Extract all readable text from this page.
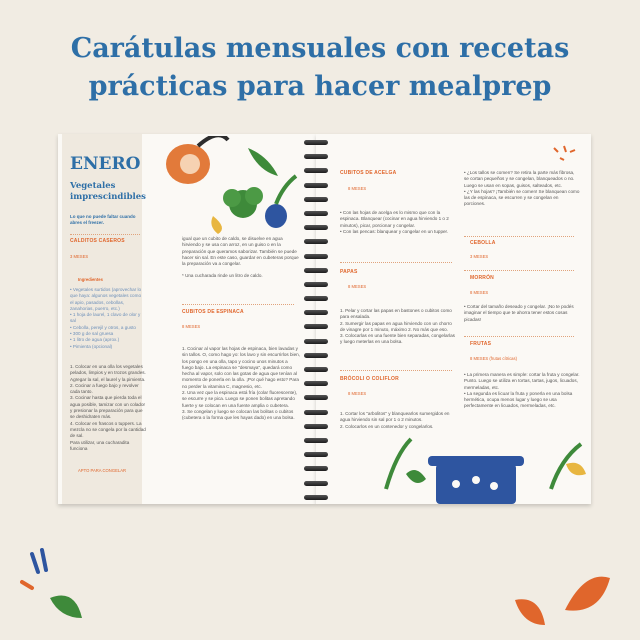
Carátulas mensuales con recetas
prácticas para hacer mealprep
ENERO
Vegetales imprescindibles
Lo que no puede faltar cuando abres el freezer.
CALDITOS CASEROS
3 MESES
Ingredientes
• Vegetales surtidos (aprovechar lo que haya: algunos vegetales como el apio, pasados, cebollas, zanahorias, puerro, etc.)
• 1 hoja de laurel, 1 clavo de olor y sal
• Cebolla, perejil y otros, a gusto
• 300 g de sal gruesa
• 1 litro de agua (aprox.)
• Pimienta (opcional)
1. Colocar en una olla los vegetales pelados, limpios y en trozos grandes. Agregar la sal, el laurel y la pimienta.
2. Cocinar a fuego bajo y revolver cada tanto.
3. Cocinar hasta que pierda toda el agua posible, tamizar con un colador y presionar la preparación para que se deshidraten más.
4. Colocar en frascos o tuppers. La mezcla no se congela por la cantidad de sal.
Para utilizar, una cucharadita funciona
APTO PARA CONGELAR
igual que un cubito de caldo, se disuelve en agua hirviendo y se usa con arroz, en un guiso o en la preparación que queramos saborizar. También se puede hacer sin sal. En este caso, guardar en cubeteras porque la preparación va a congelar.
* Una cucharada rinde un litro de caldo.
CUBITOS DE ESPINACA
8 MESES
1. Cocinar al vapor las hojas de espinaca, bien lavadas y sin tallos. O, como hago yo: los lavo y sin escurrirlos bien, los pongo en una olla, tapo y cocino unos minutos a fuego bajo. La espinaca se "desmaya", quedará como hecha al vapor, solo con las gotas de agua que tenían al momento de ponerla en la olla. ¡Por qué hago esto? Para no perder la vitamina C, magnesio, etc.
2. Una vez que la espinaca está fría (colar fluorescente), se escurre y se pica. Luego se ponen bolitas apretando fuerte y se colocan en una fuente amplia o cubetera.
3. Se congelan y luego se colocan las bolitas o cubitos (cubetera o la forma que les hayas dado) en una bolsa.
CUBITOS DE ACELGA
8 MESES
• Con las hojas de acelga es lo mismo que con la espinaca. Blanquear (cocinar en agua hirviendo 1 o 2 minutos), picar, porcionar y congelar.
• Con las pencas: blanquear y congelar en un tupper.
PAPAS
8 MESES
1. Pelar y cortar las papas en bastones o cubitos como para ensalada.
2. Sumergir las papas en agua hirviendo con un chorro de vinagre por 1 minuto, máximo 2. No más que eso.
3. Colocarlas en una fuente bien separadas, congelarlas y luego meterlas en una bolsa.
BRÓCOLI O COLIFLOR
8 MESES
1. Cortar los "arbolitos" y blanquearlos sumergidos en agua hirviendo sin sal por 1 o 2 minutos.
2. Colocarlos en un contenedor y congelarlos.
• ¿Los tallos se comen? Se retira la parte más fibrosa, se cortan pequeños y se congelan, blanqueados o no. Luego se usan en sopas, guisos, salteados, etc.
• ¿Y las hojas? ¡También se comen! Se blanquean como las de espinaca, se escurren y se congelan en porciones.
CEBOLLA
3 MESES
MORRÓN
8 MESES
• Cortar del tamaño deseado y congelar. ¡No te podés imaginar el tiempo que te ahorra tener estos cosas picadas!
FRUTAS
8 MESES (frutas cítricas)
• La primera manera es simple: cortar la fruta y congelar. Punto. Luego se utiliza en tortas, tartas, jugos, licuados, mermeladas, etc.
• La segunda es licuar la fruta y ponerla en una bolsa hermética, ocupa menos lugar y luego se usa perfectamente en licuados, mermeladas, etc.
